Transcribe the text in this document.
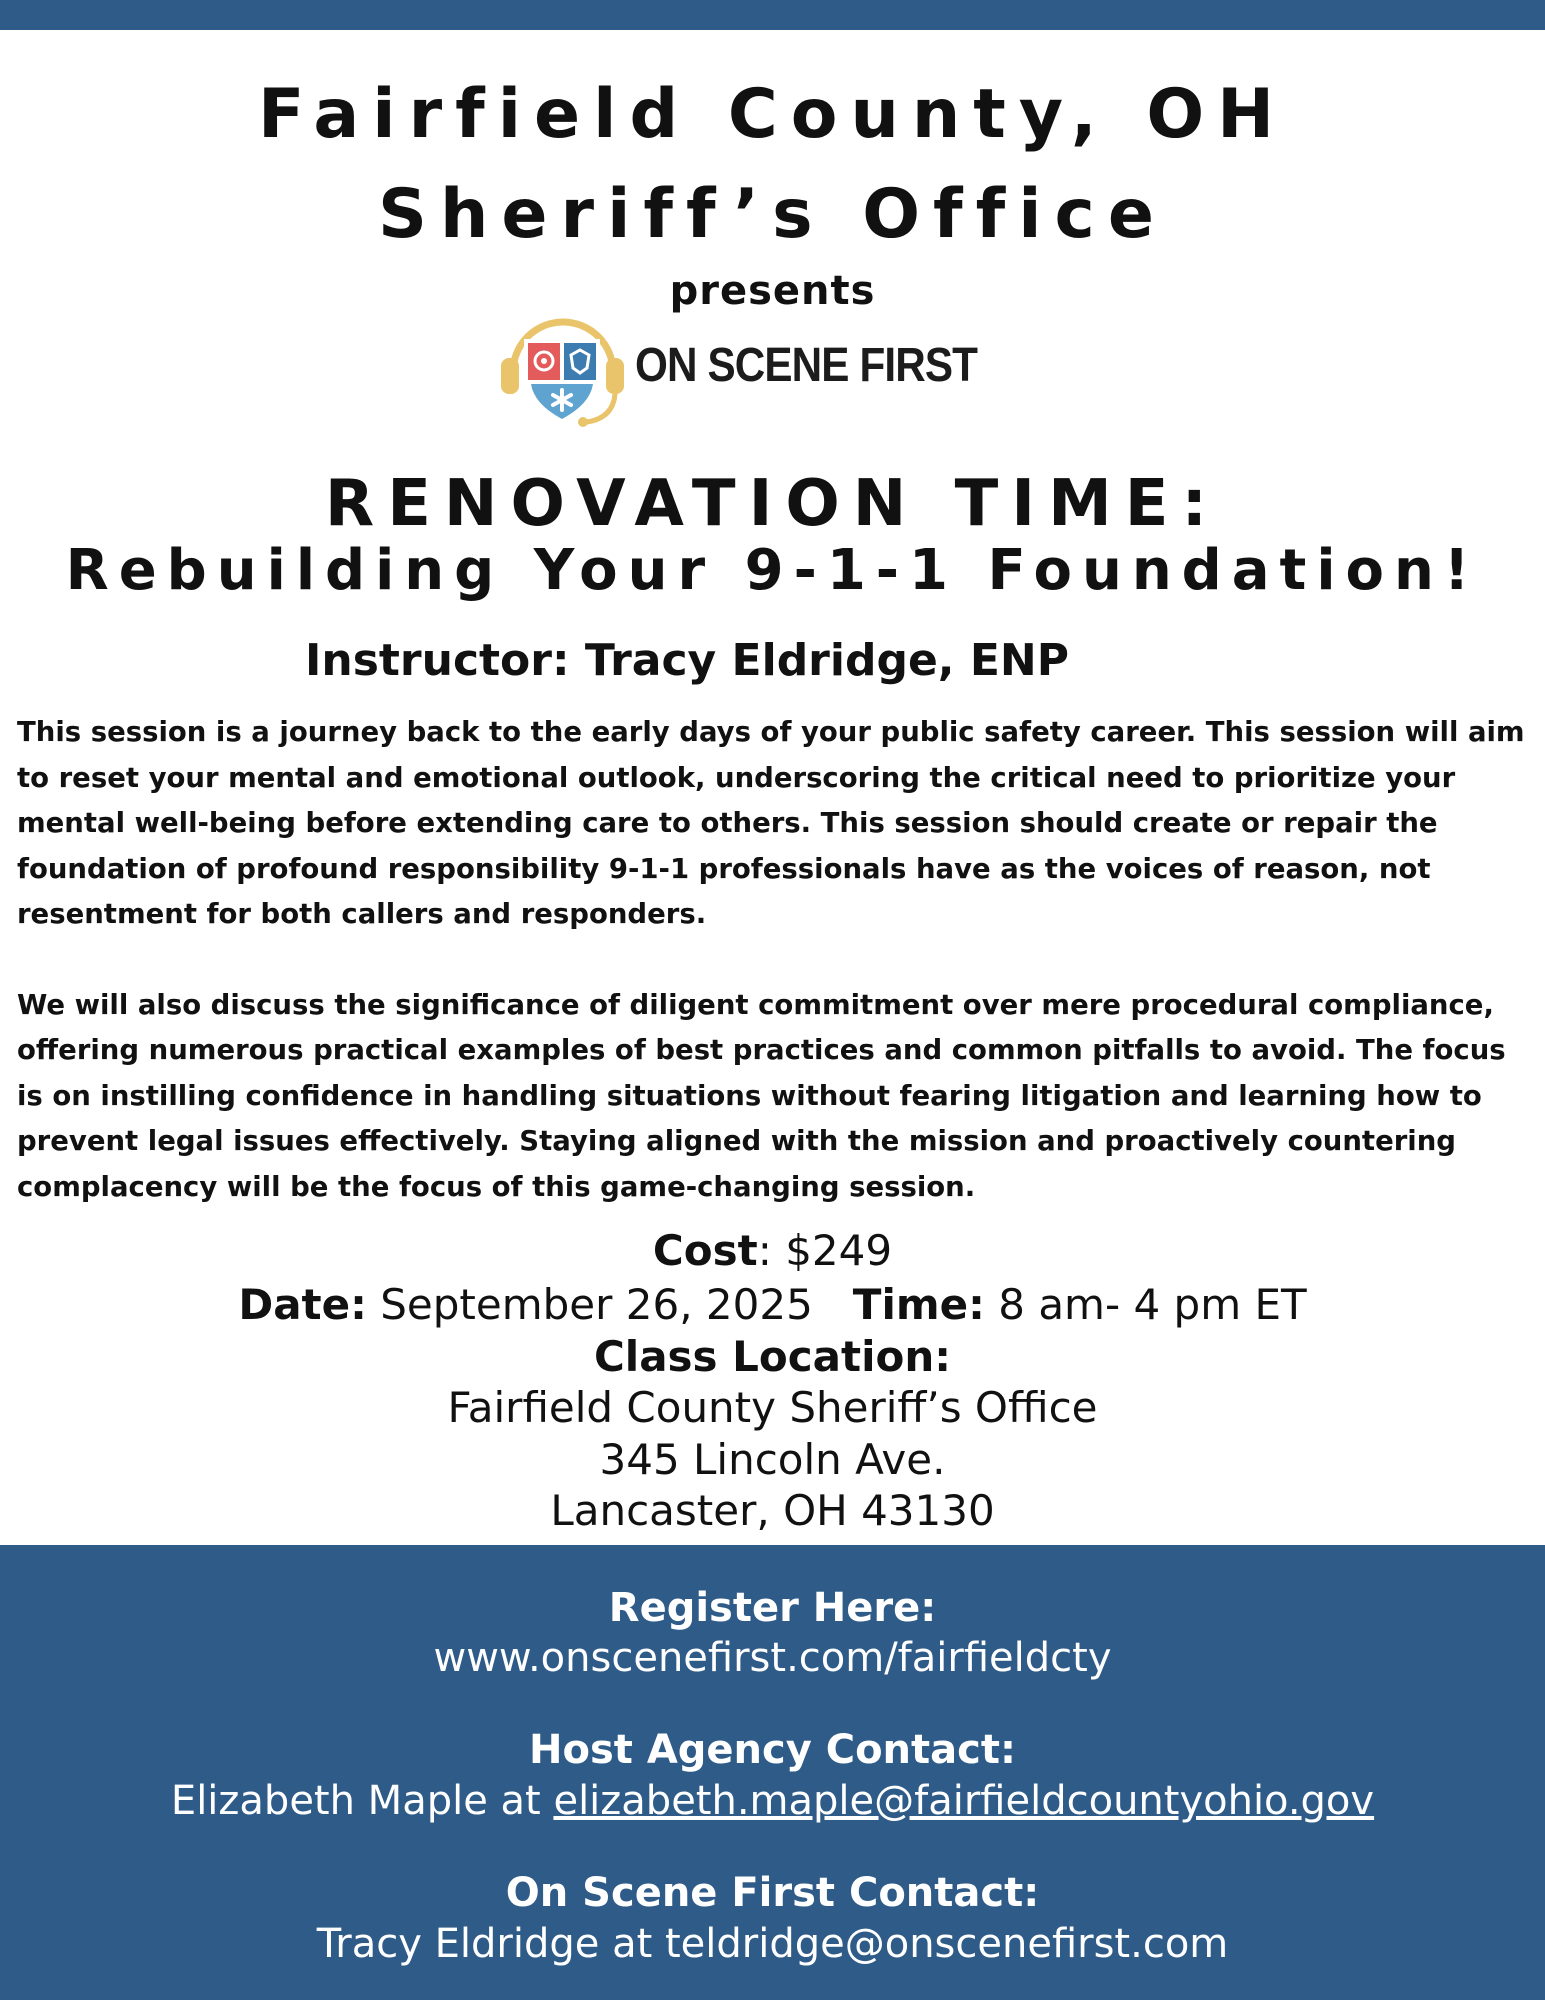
Fairfield County, OH
Sheriff’s Office
presents
ON SCENE FIRST
RENOVATION TIME:
Rebuilding Your 9-1-1 Foundation!
Instructor: Tracy Eldridge, ENP

This session is a journey back to the early days of your public safety career. This session will aim to reset your mental and emotional outlook, underscoring the critical need to prioritize your mental well-being before extending care to others. This session should create or repair the foundation of profound responsibility 9-1-1 professionals have as the voices of reason, not resentment for both callers and responders.

We will also discuss the significance of diligent commitment over mere procedural compliance, offering numerous practical examples of best practices and common pitfalls to avoid. The focus is on instilling confidence in handling situations without fearing litigation and learning how to prevent legal issues effectively. Staying aligned with the mission and proactively countering complacency will be the focus of this game-changing session.

Cost: $249
Date: September 26, 2025 Time: 8 am- 4 pm ET
Class Location:
Fairfield County Sheriff’s Office
345 Lincoln Ave.
Lancaster, OH 43130
Register Here:
www.onscenefirst.com/fairfieldcty
Host Agency Contact:
Elizabeth Maple at elizabeth.maple@fairfieldcountyohio.gov
On Scene First Contact:
Tracy Eldridge at teldridge@onscenefirst.com
